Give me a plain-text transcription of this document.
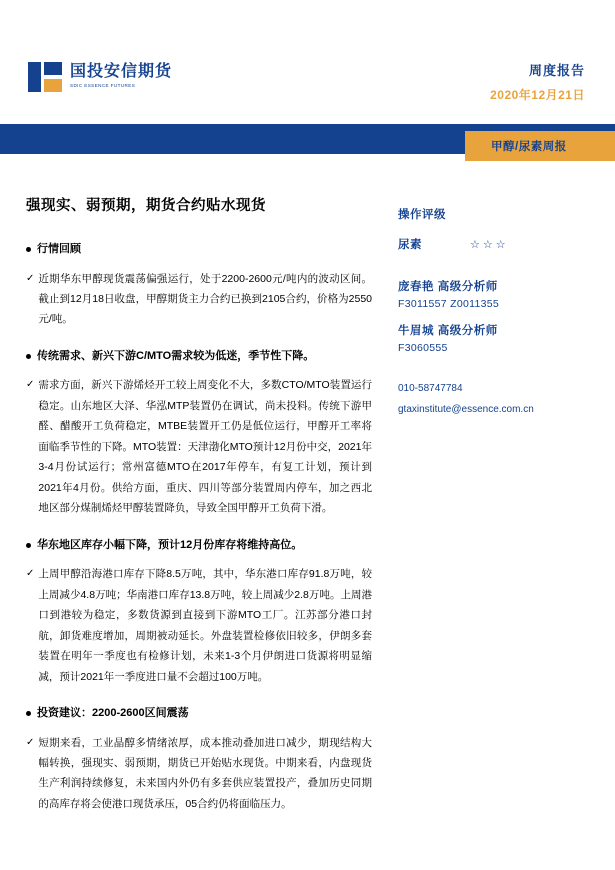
国投安信期货
SDIC ESSENCE FUTURES
周度报告
2020年12月21日
甲醇/尿素周报
强现实、弱预期，期货合约贴水现货
行情回顾
✓ 近期华东甲醇现货震荡偏强运行，处于2200-2600元/吨内的波动区间。截止到12月18日收盘，甲醇期货主力合约已换到2105合约，价格为2550元/吨。
传统需求、新兴下游C/MTO需求较为低迷，季节性下降。
✓ 需求方面，新兴下游烯烃开工较上周变化不大，多数CTO/MTO装置运行稳定。山东地区大泽、华泓MTP装置仍在调试，尚未投料。传统下游甲醛、醋酸开工负荷稳定，MTBE装置开工仍是低位运行，甲醇开工率将面临季节性的下降。MTO装置：天津渤化MTO预计12月份中交，2021年3-4月份试运行；常州富德MTO在2017年停车，有复工计划，预计到2021年4月份。供给方面，重庆、四川等部分装置周内停车，加之西北地区部分煤制烯烃甲醇装置降负，导致全国甲醇开工负荷下滑。
华东地区库存小幅下降，预计12月份库存将维持高位。
✓ 上周甲醇沿海港口库存下降8.5万吨，其中，华东港口库存91.8万吨，较上周减少4.8万吨；华南港口库存13.8万吨，较上周减少2.8万吨。上周港口到港较为稳定，多数货源到直接到下游MTO工厂。江苏部分港口封航，卸货难度增加，周期被动延长。外盘装置检修依旧较多，伊朗多套装置在明年一季度也有检修计划，未来1-3个月伊朗进口货源将明显缩减，预计2021年一季度进口量不会超过100万吨。
投资建议：2200-2600区间震荡
✓ 短期来看，工业晶醇多情绪浓厚，成本推动叠加进口减少，期现结构大幅转换，强现实、弱预期，期货已开始贴水现货。中期来看，内盘现货生产利润持续修复，未来国内外仍有多套供应装置投产，叠加历史同期的高库存将会使港口现货承压，05合约仍将面临压力。
操作评级
尿素	☆☆☆
庞春艳 高级分析师
F3011557 Z0011355
牛眉城 高级分析师
F3060555
010-58747784
gtaxinstitute@essence.com.cn
